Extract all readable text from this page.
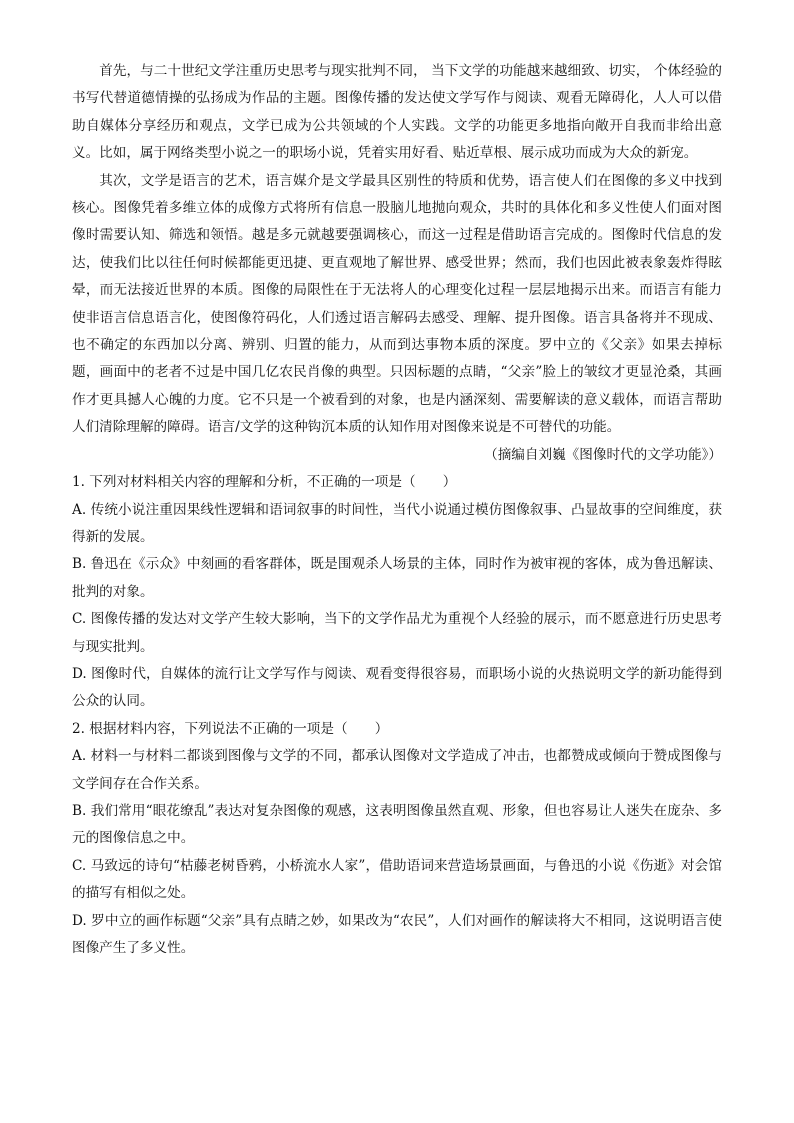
首先，与二十世纪文学注重历史思考与现实批判不同， 当下文学的功能越来越细致、切实， 个体经验的书写代替道德情操的弘扬成为作品的主题。图像传播的发达使文学写作与阅读、观看无障碍化，人人可以借助自媒体分享经历和观点，文学已成为公共领域的个人实践。文学的功能更多地指向敞开自我而非给出意义。比如，属于网络类型小说之一的职场小说，凭着实用好看、贴近草根、展示成功而成为大众的新宠。

其次，文学是语言的艺术，语言媒介是文学最具区别性的特质和优势，语言使人们在图像的多义中找到核心。图像凭着多维立体的成像方式将所有信息一股脑儿地抛向观众，共时的具体化和多义性使人们面对图像时需要认知、筛选和领悟。越是多元就越要强调核心，而这一过程是借助语言完成的。图像时代信息的发达，使我们比以往任何时候都能更迅捷、更直观地了解世界、感受世界；然而，我们也因此被表象轰炸得眩晕，而无法接近世界的本质。图像的局限性在于无法将人的心理变化过程一层层地揭示出来。而语言有能力使非语言信息语言化，使图像符码化，人们透过语言解码去感受、理解、提升图像。语言具备将并不现成、也不确定的东西加以分离、辨别、归置的能力，从而到达事物本质的深度。罗中立的《父亲》如果去掉标题，画面中的老者不过是中国几亿农民肖像的典型。只因标题的点睛，“父亲”脸上的皱纹才更显沧桑，其画作才更具撼人心魄的力度。它不只是一个被看到的对象，也是内涵深刻、需要解读的意义载体，而语言帮助人们清除理解的障碍。语言/文学的这种钩沉本质的认知作用对图像来说是不可替代的功能。

（摘编自刘巍《图像时代的文学功能》）

1. 下列对材料相关内容的理解和分析，不正确的一项是（　　）

A. 传统小说注重因果线性逻辑和语词叙事的时间性，当代小说通过模仿图像叙事、凸显故事的空间维度，获得新的发展。

B. 鲁迅在《示众》中刻画的看客群体，既是围观杀人场景的主体，同时作为被审视的客体，成为鲁迅解读、批判的对象。

C. 图像传播的发达对文学产生较大影响，当下的文学作品尤为重视个人经验的展示，而不愿意进行历史思考与现实批判。

D. 图像时代，自媒体的流行让文学写作与阅读、观看变得很容易，而职场小说的火热说明文学的新功能得到公众的认同。

2. 根据材料内容，下列说法不正确的一项是（　　）

A. 材料一与材料二都谈到图像与文学的不同，都承认图像对文学造成了冲击，也都赞成或倾向于赞成图像与文学间存在合作关系。

B. 我们常用“眼花缭乱”表达对复杂图像的观感，这表明图像虽然直观、形象，但也容易让人迷失在庞杂、多元的图像信息之中。

C. 马致远的诗句“枯藤老树昏鸦，小桥流水人家”，借助语词来营造场景画面，与鲁迅的小说《伤逝》对会馆的描写有相似之处。

D. 罗中立的画作标题“父亲”具有点睛之妙，如果改为“农民”，人们对画作的解读将大不相同，这说明语言使图像产生了多义性。
